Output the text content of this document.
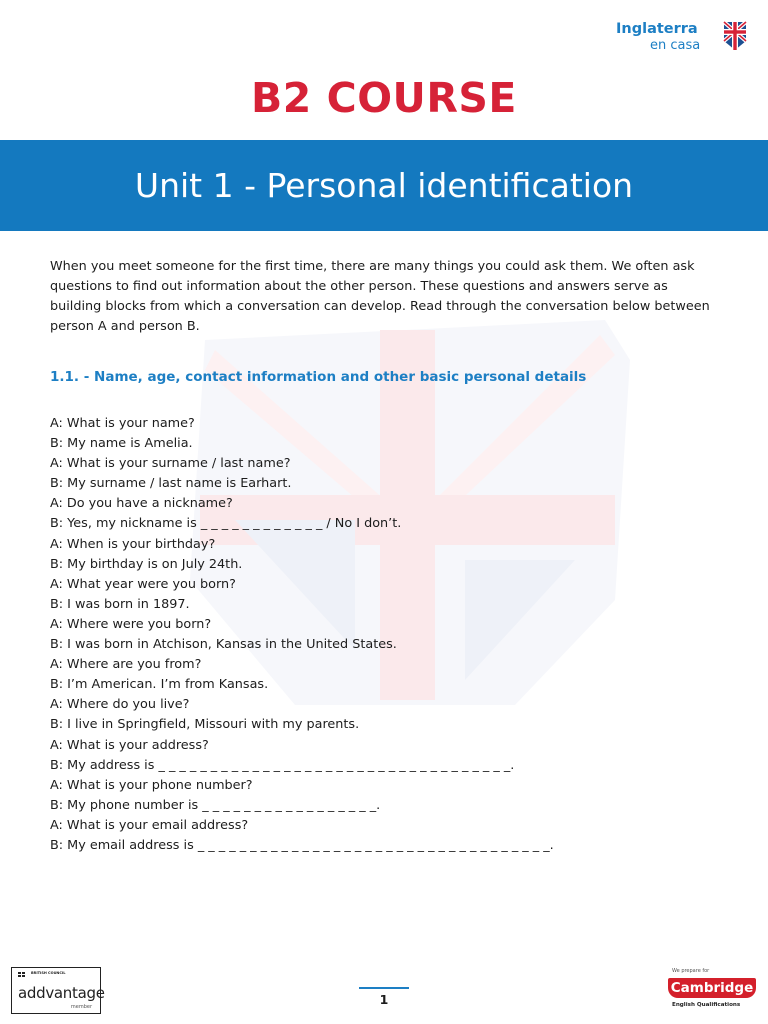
Inglaterra
en casa
B2 COURSE
Unit 1 - Personal identification
When you meet someone for the first time, there are many things you could ask them. We often ask questions to find out information about the other person. These questions and answers serve as building blocks from which a conversation can develop. Read through the conversation below between person A and person B.
1.1. - Name, age, contact information and other basic personal details
A: What is your name?
B: My name is Amelia.
A: What is your surname / last name?
B: My surname / last name is Earhart.
A: Do you have a nickname?
B: Yes, my nickname is _ _ _ _ _ _ _ _ _ _ _ _ / No I don’t.
A: When is your birthday?
B: My birthday is on July 24th.
A: What year were you born?
B: I was born in 1897.
A: Where were you born?
B: I was born in Atchison, Kansas in the United States.
A: Where are you from?
B: I’m American. I’m from Kansas.
A: Where do you live?
B: I live in Springfield, Missouri with my parents.
A: What is your address?
B: My address is _ _ _ _ _ _ _ _ _ _ _ _ _ _ _ _ _ _ _ _ _ _ _ _ _ _ _ _ _ _ _ _ _ _.
A: What is your phone number?
B: My phone number is _ _ _ _ _ _ _ _ _ _ _ _ _ _ _ _ _.
A: What is your email address?
B: My email address is _ _ _ _ _ _ _ _ _ _ _ _ _ _ _ _ _ _ _ _ _ _ _ _ _ _ _ _ _ _ _ _ _ _.
BRITISH COUNCIL
addvantage
member	1
We prepare for
Cambridge
English Qualifications
